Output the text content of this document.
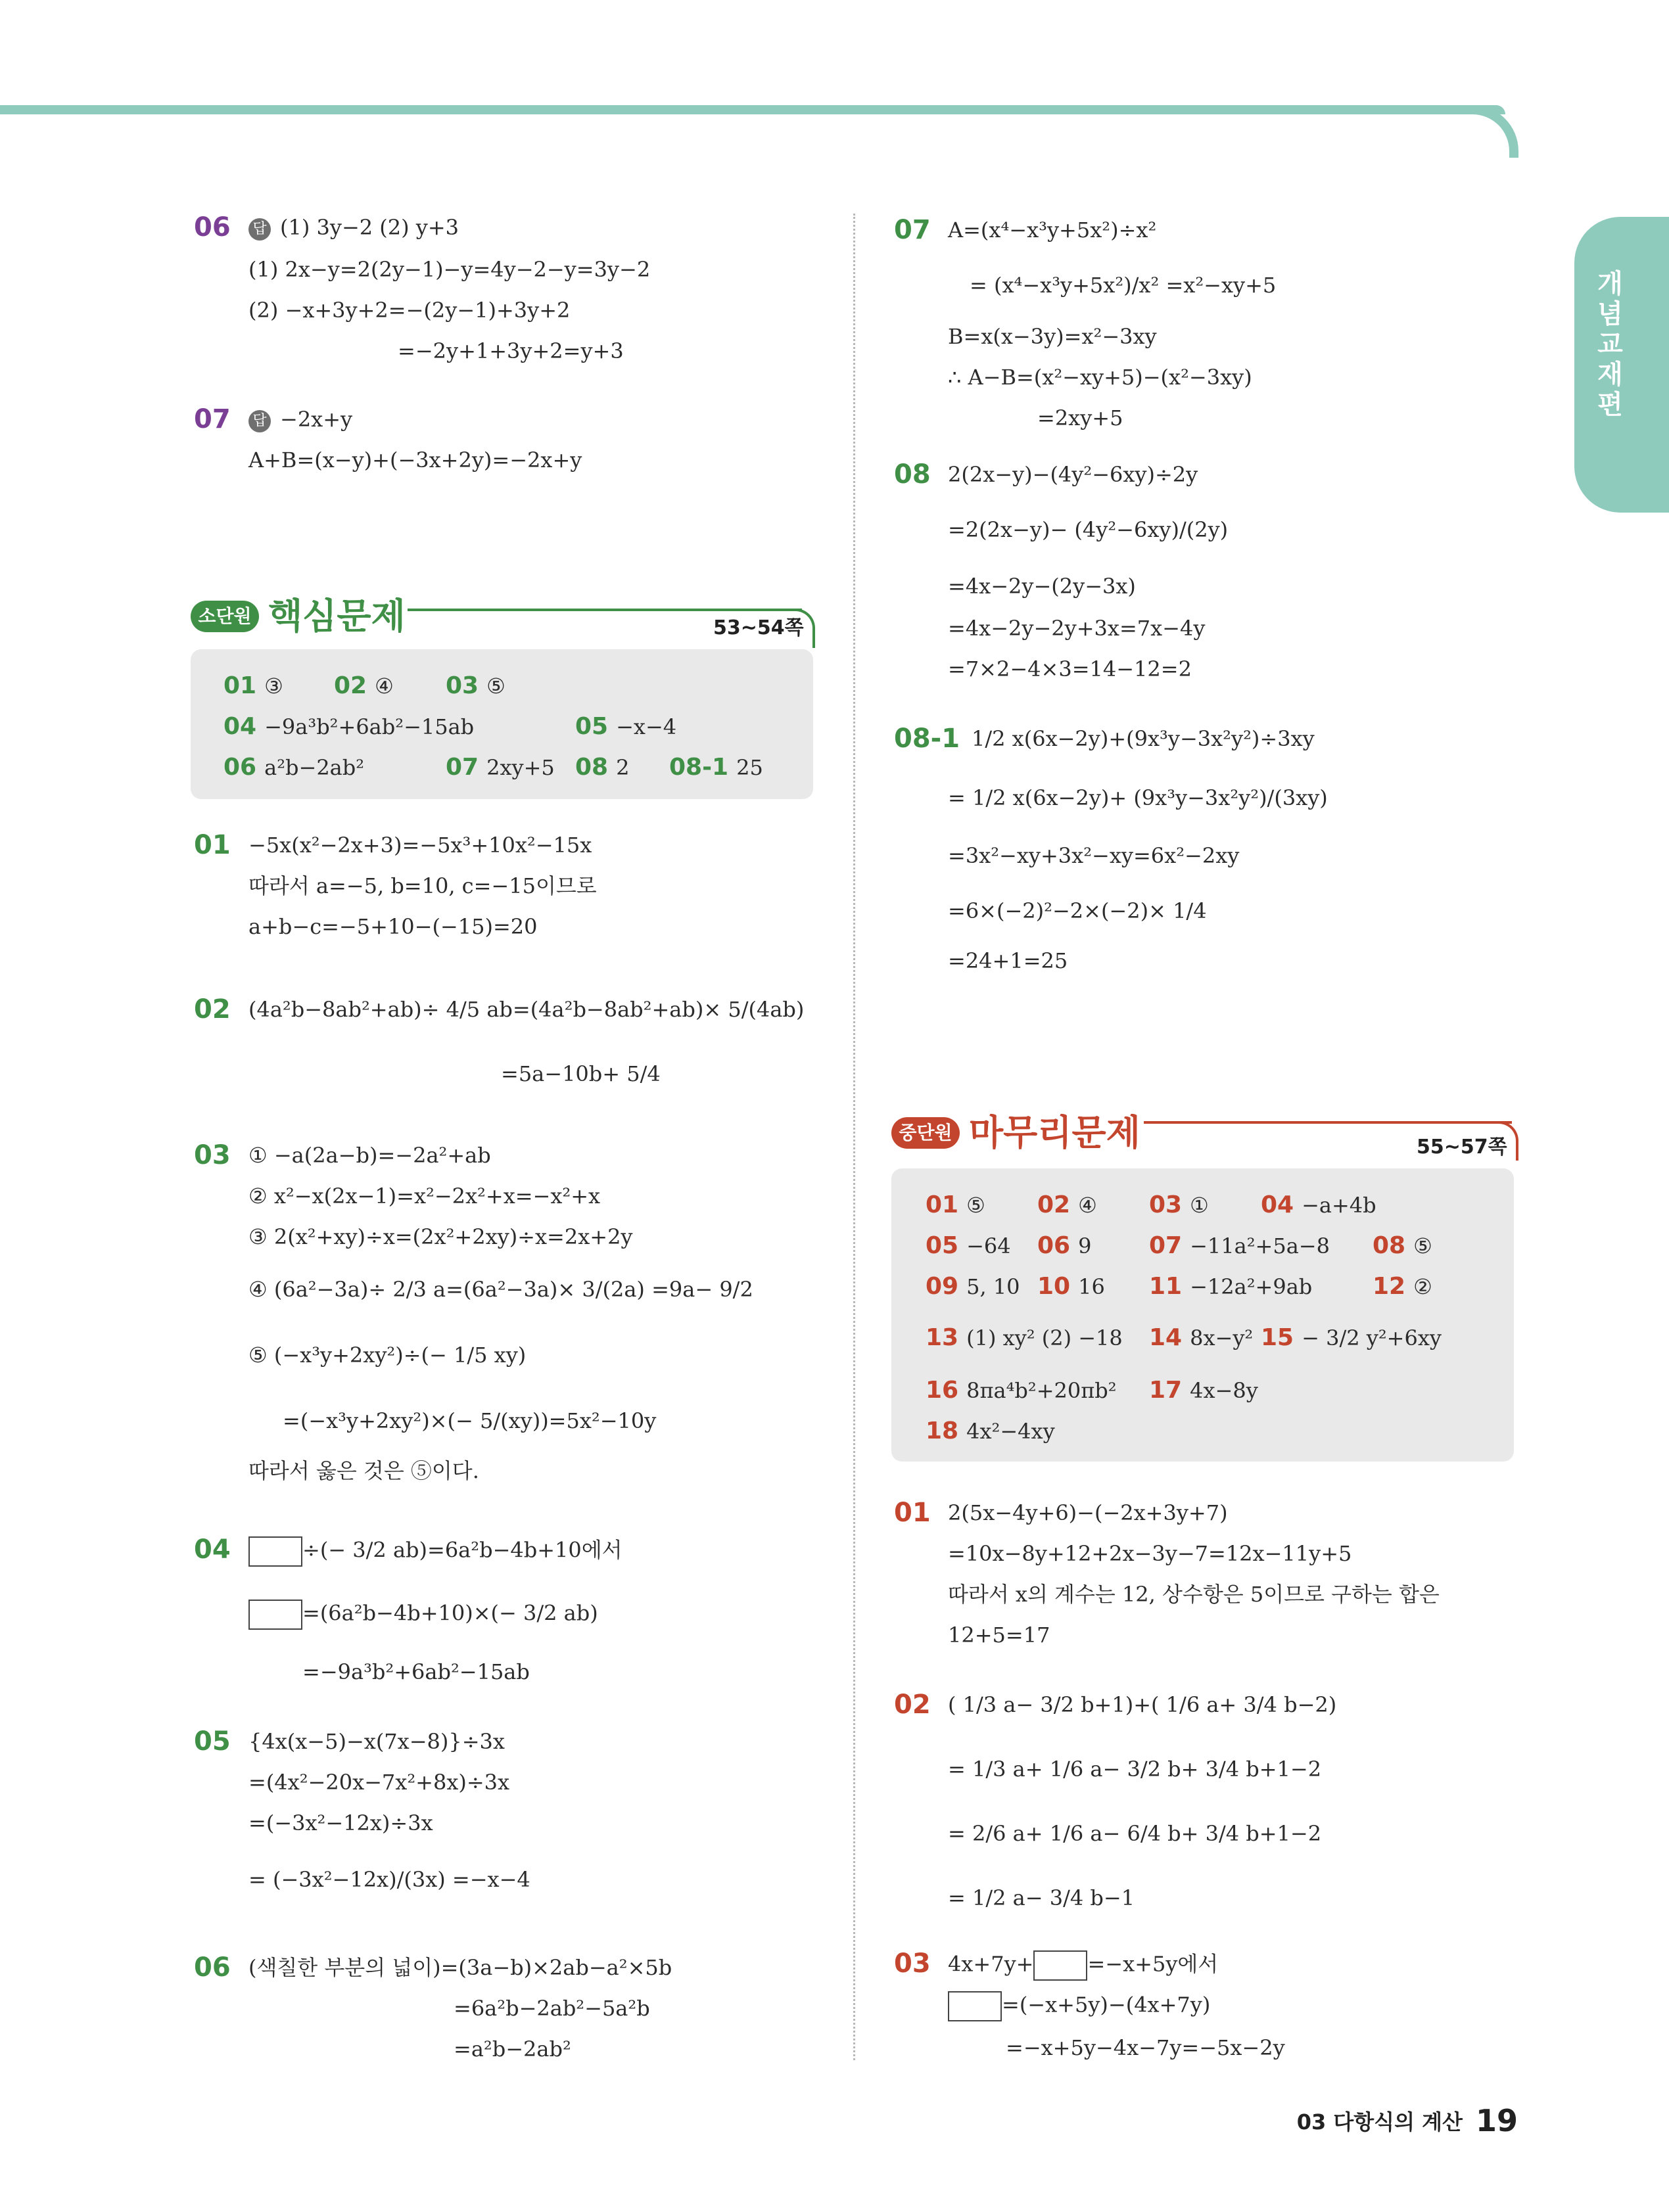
개념교재편
06 답 (1) 3y−2 (2) y+3
(1) 2x−y=2(2y−1)−y=4y−2−y=3y−2
(2) −x+3y+2=−(2y−1)+3y+2
=−2y+1+3y+2=y+3
07 답 −2x+y
A+B=(x−y)+(−3x+2y)=−2x+y
소단원 핵심문제	53~54쪽
01 ③ 02 ④ 03 ⑤
04 −9a³b²+6ab²−15ab	05 −x−4
06 a²b−2ab²	07 2xy+5 08 2 08-1 25
01 −5x(x²−2x+3)=−5x³+10x²−15x
따라서 a=−5, b=10, c=−15이므로
a+b−c=−5+10−(−15)=20
02 (4a²b−8ab²+ab)÷ 4/5 ab=(4a²b−8ab²+ab)× 5/(4ab)
=5a−10b+ 5/4
03 ① −a(2a−b)=−2a²+ab
② x²−x(2x−1)=x²−2x²+x=−x²+x
③ 2(x²+xy)÷x=(2x²+2xy)÷x=2x+2y
④ (6a²−3a)÷ 2/3 a=(6a²−3a)× 3/(2a) =9a− 9/2
⑤ (−x³y+2xy²)÷(− 1/5 xy)
=(−x³y+2xy²)×(− 5/(xy))=5x²−10y
따라서 옳은 것은 ⑤이다.
04	÷(− 3/2 ab)=6a²b−4b+10에서
=(6a²b−4b+10)×(− 3/2 ab)
=−9a³b²+6ab²−15ab
05 {4x(x−5)−x(7x−8)}÷3x
=(4x²−20x−7x²+8x)÷3x
=(−3x²−12x)÷3x
= (−3x²−12x)/(3x) =−x−4
06 (색칠한 부분의 넓이)=(3a−b)×2ab−a²×5b
=6a²b−2ab²−5a²b
=a²b−2ab²
07 A=(x⁴−x³y+5x²)÷x²
= (x⁴−x³y+5x²)/x² =x²−xy+5
B=x(x−3y)=x²−3xy
∴ A−B=(x²−xy+5)−(x²−3xy)
=2xy+5
08 2(2x−y)−(4y²−6xy)÷2y
=2(2x−y)− (4y²−6xy)/(2y)
=4x−2y−(2y−3x)
=4x−2y−2y+3x=7x−4y
=7×2−4×3=14−12=2
08-1 1/2 x(6x−2y)+(9x³y−3x²y²)÷3xy
= 1/2 x(6x−2y)+ (9x³y−3x²y²)/(3xy)
=3x²−xy+3x²−xy=6x²−2xy
=6×(−2)²−2×(−2)× 1/4
=24+1=25
중단원 마무리문제	55~57쪽
01 ⑤ 02 ④ 03 ① 04 −a+4b
05 −64 06 9 07 −11a²+5a−8 08 ⑤
09 5, 10 10 16 11 −12a²+9ab	12 ②
13 (1) xy² (2) −18 14 8x−y² 15 − 3/2 y²+6xy
16 8πa⁴b²+20πb² 17 4x−8y
18 4x²−4xy
01 2(5x−4y+6)−(−2x+3y+7)
=10x−8y+12+2x−3y−7=12x−11y+5
따라서 x의 계수는 12, 상수항은 5이므로 구하는 합은
12+5=17
02 ( 1/3 a− 3/2 b+1)+( 1/6 a+ 3/4 b−2)
= 1/3 a+ 1/6 a− 3/2 b+ 3/4 b+1−2
= 2/6 a+ 1/6 a− 6/4 b+ 3/4 b+1−2
= 1/2 a− 3/4 b−1
03 4x+7y+	=−x+5y에서
=(−x+5y)−(4x+7y)
=−x+5y−4x−7y=−5x−2y
03 다항식의 계산 19
